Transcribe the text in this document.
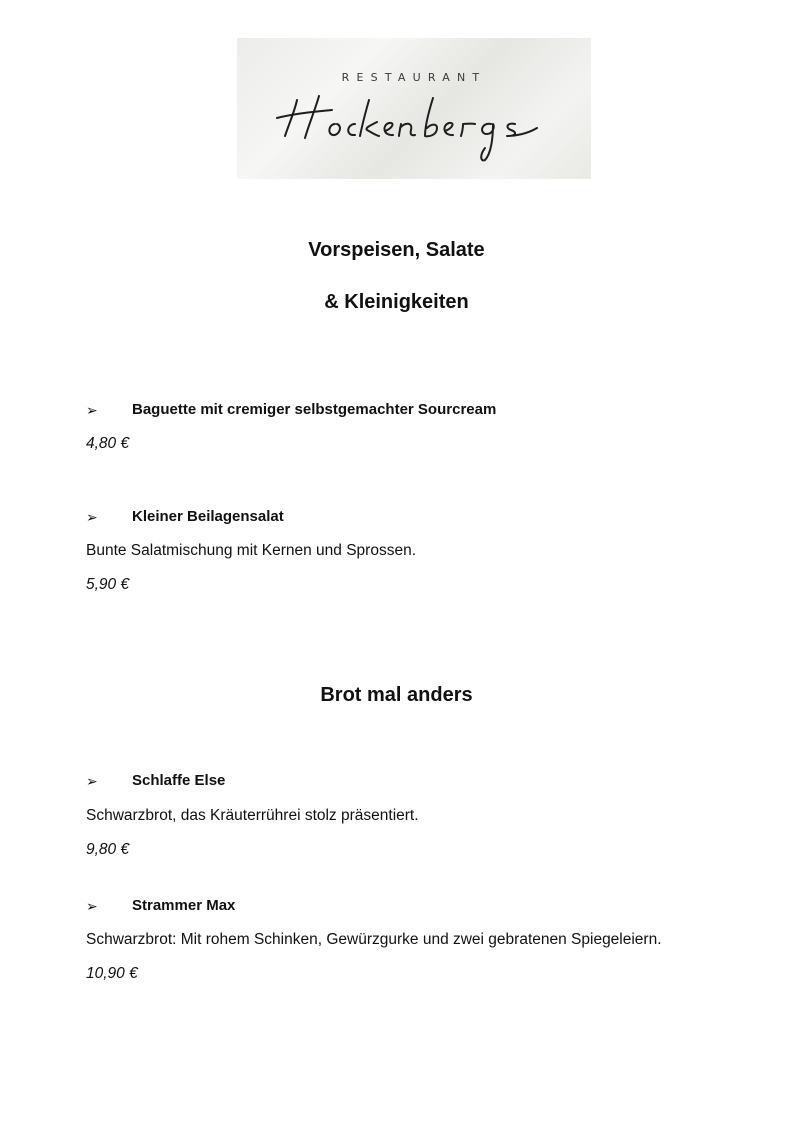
RESTAURANT
Vorspeisen, Salate
& Kleinigkeiten
➢ Baguette mit cremiger selbstgemachter Sourcream
4,80 €
➢ Kleiner Beilagensalat
Bunte Salatmischung mit Kernen und Sprossen.
5,90 €
Brot mal anders
➢ Schlaffe Else
Schwarzbrot, das Kräuterrührei stolz präsentiert.
9,80 €
➢ Strammer Max
Schwarzbrot: Mit rohem Schinken, Gewürzgurke und zwei gebratenen Spiegeleiern.
10,90 €
